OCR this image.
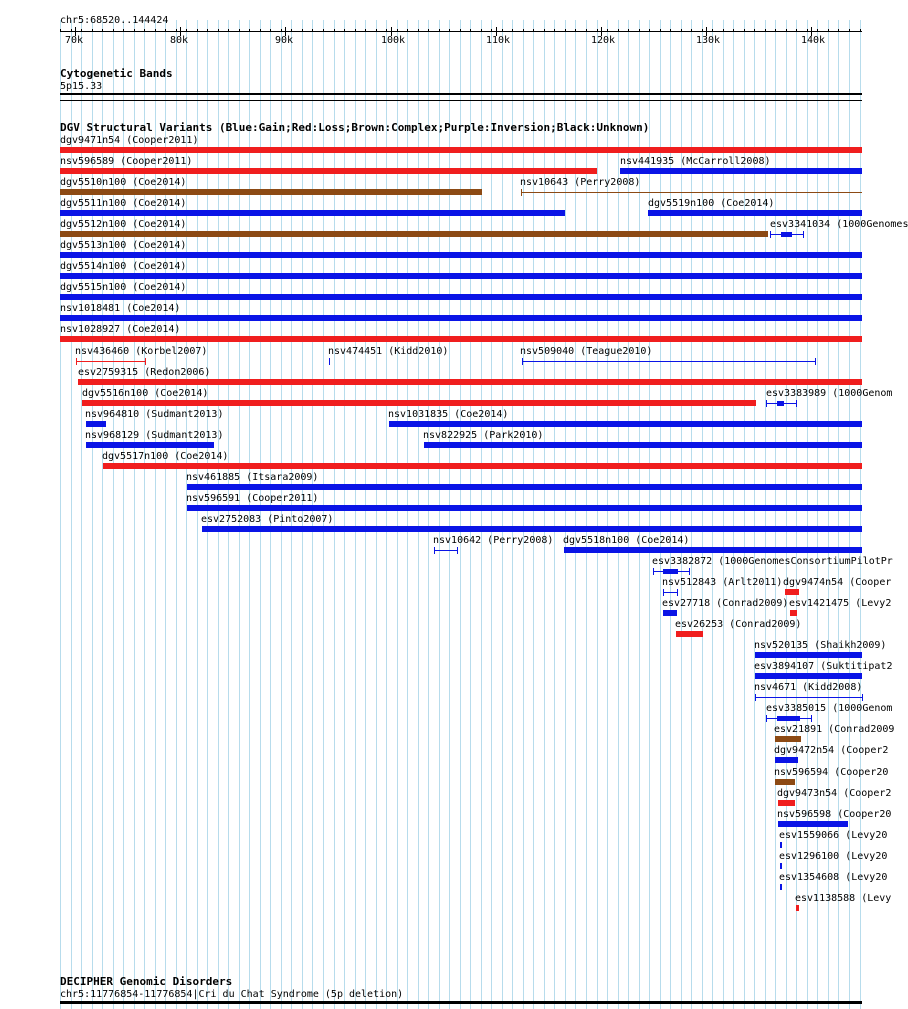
chr5:68520..144424
70k	80k	90k	100k	110k	120k	130k	140k
Cytogenetic Bands
5p15.33
DGV Structural Variants (Blue:Gain;Red:Loss;Brown:Complex;Purple:Inversion;Black:Unknown)
dgv9471n54 (Cooper2011)
nsv596589 (Cooper2011)	nsv441935 (McCarroll2008)
dgv5510n100 (Coe2014)	nsv10643 (Perry2008)
dgv5511n100 (Coe2014)	dgv5519n100 (Coe2014)
dgv5512n100 (Coe2014)	esv3341034 (1000Genomes
dgv5513n100 (Coe2014)
dgv5514n100 (Coe2014)
dgv5515n100 (Coe2014)
nsv1018481 (Coe2014)
nsv1028927 (Coe2014)
nsv436460 (Korbel2007)	nsv474451 (Kidd2010)	nsv509040 (Teague2010)
esv2759315 (Redon2006)
dgv5516n100 (Coe2014)	esv3383989 (1000Genom
nsv964810 (Sudmant2013)	nsv1031835 (Coe2014)
nsv968129 (Sudmant2013)	nsv822925 (Park2010)
dgv5517n100 (Coe2014)
nsv461885 (Itsara2009)
nsv596591 (Cooper2011)
esv2752083 (Pinto2007)
nsv10642 (Perry2008) dgv5518n100 (Coe2014)
esv3382872 (1000GenomesConsortiumPilotPr
nsv512843 (Arlt2011) dgv9474n54 (Cooper
esv27718 (Conrad2009) esv1421475 (Levy2
esv26253 (Conrad2009)
nsv520135 (Shaikh2009)
esv3894107 (Suktitipat2
nsv4671 (Kidd2008)
esv3385015 (1000Genom
esv21891 (Conrad2009
dgv9472n54 (Cooper2
nsv596594 (Cooper20
dgv9473n54 (Cooper2
nsv596598 (Cooper20
esv1559066 (Levy20
esv1296100 (Levy20
esv1354608 (Levy20
esv1138588 (Levy
DECIPHER Genomic Disorders
chr5:11776854-11776854|Cri du Chat Syndrome (5p deletion)
